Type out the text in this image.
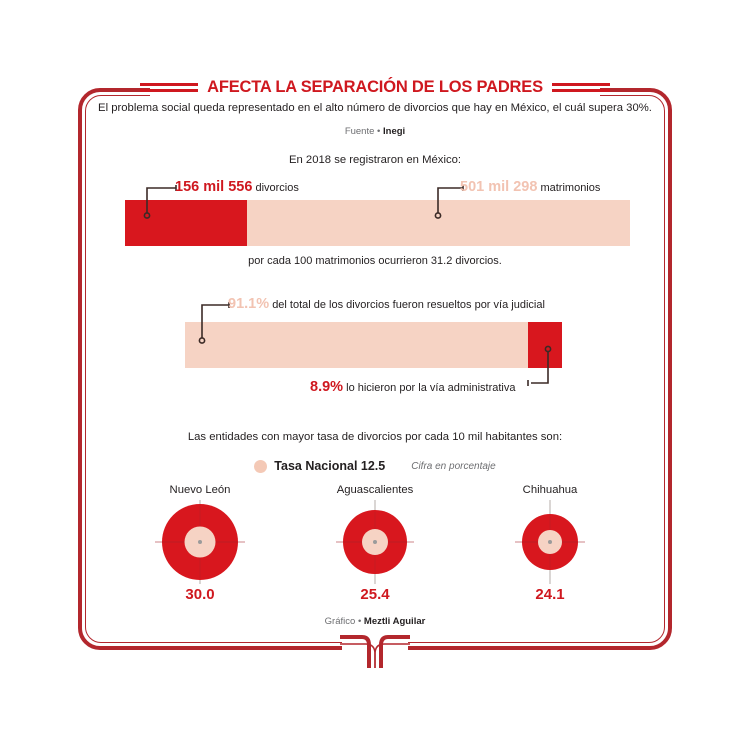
AFECTA LA SEPARACIÓN DE LOS PADRES
El problema social queda representado en el alto número de divorcios que hay en México, el cuál supera 30%.
Fuente • Inegi
En 2018 se registraron en México:
156 mil 556 divorcios	501 mil 298 matrimonios
por cada 100 matrimonios ocurrieron 31.2 divorcios.
91.1% del total de los divorcios fueron resueltos por vía judicial
8.9% lo hicieron por la vía administrativa
Las entidades con mayor tasa de divorcios por cada 10 mil habitantes son:
Tasa Nacional 12.5	Cifra en porcentaje
Nuevo León
30.0
Aguascalientes
25.4
Chihuahua
24.1
Gráfico • Meztli Aguilar
